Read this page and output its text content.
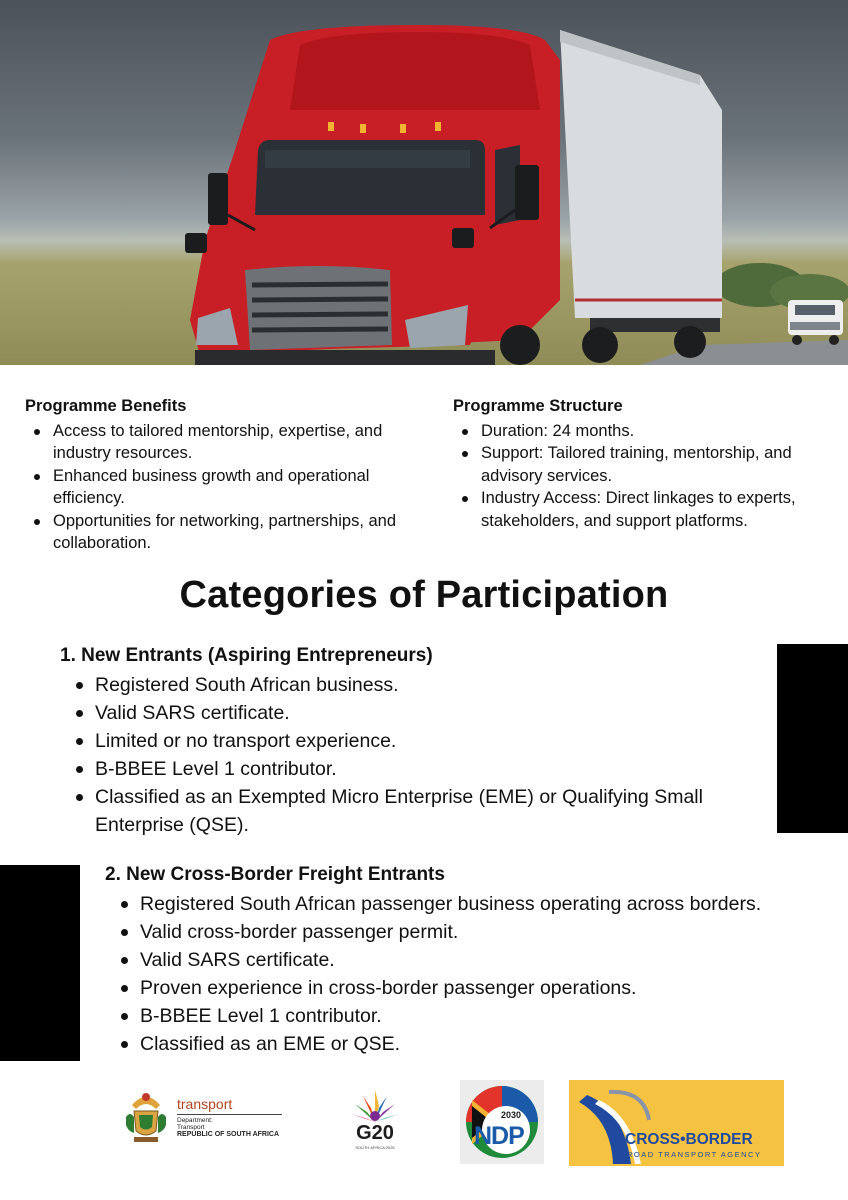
Programme Benefits
Access to tailored mentorship, expertise, and industry resources.
Enhanced business growth and operational efficiency.
Opportunities for networking, partnerships, and collaboration.
Programme Structure
Duration: 24 months.
Support: Tailored training, mentorship, and advisory services.
Industry Access: Direct linkages to experts, stakeholders, and support platforms.
Categories of Participation
1. New Entrants (Aspiring Entrepreneurs)
Registered South African business.
Valid SARS certificate.
Limited or no transport experience.
B-BBEE Level 1 contributor.
Classified as an Exempted Micro Enterprise (EME) or Qualifying Small Enterprise (QSE).
2. New Cross-Border Freight Entrants
Registered South African passenger business operating across borders.
Valid cross-border passenger permit.
Valid SARS certificate.
Proven experience in cross-border passenger operations.
B-BBEE Level 1 contributor.
Classified as an EME or QSE.
transport
Department:
Transport
REPUBLIC OF SOUTH AFRICA	G20
SOUTH AFRICA 2025
2030
NDP	CROSS•BORDER
ROAD TRANSPORT AGENCY
